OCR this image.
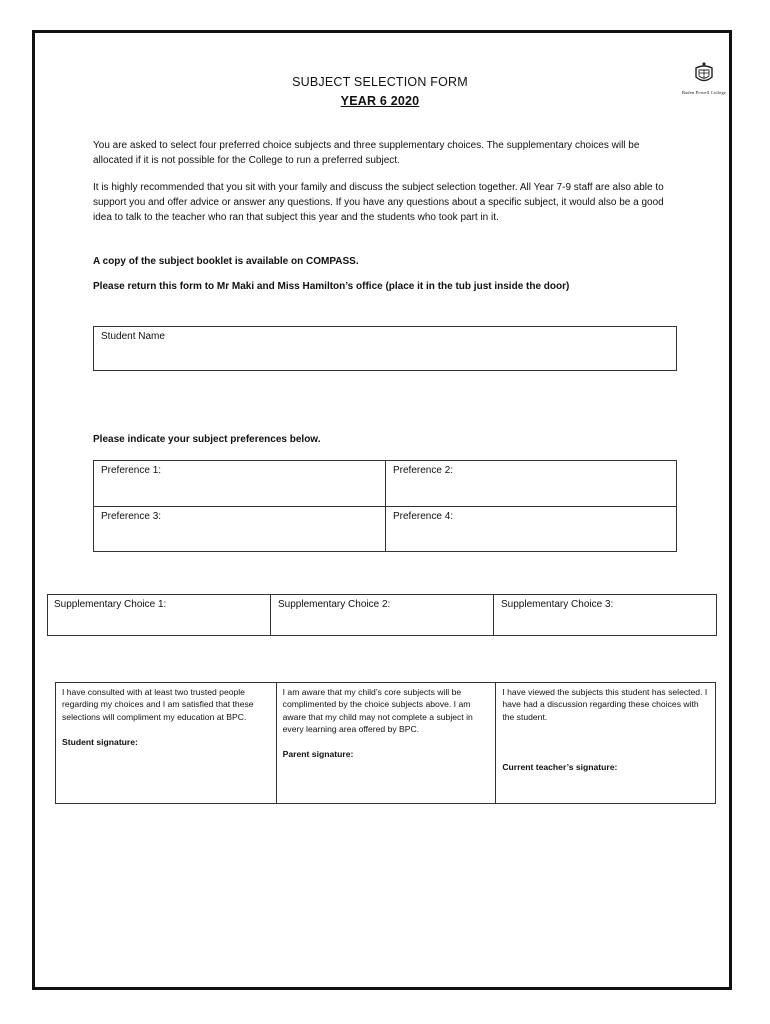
Baden Powell College
SUBJECT SELECTION FORM
YEAR 6 2020
You are asked to select four preferred choice subjects and three supplementary choices. The supplementary choices will be allocated if it is not possible for the College to run a preferred subject.
It is highly recommended that you sit with your family and discuss the subject selection together. All Year 7-9 staff are also able to support you and offer advice or answer any questions. If you have any questions about a specific subject, it would also be a good idea to talk to the teacher who ran that subject this year and the students who took part in it.
A copy of the subject booklet is available on COMPASS.
Please return this form to Mr Maki and Miss Hamilton’s office (place it in the tub just inside the door)
Student Name
Please indicate your subject preferences below.
Preference 1:	Preference 2:
Preference 3:	Preference 4:
Supplementary Choice 1:	Supplementary Choice 2:	Supplementary Choice 3:
I have consulted with at least two trusted people regarding my choices and I am satisfied that these selections will compliment my education at BPC.
Student signature:
	I am aware that my child’s core subjects will be complimented by the choice subjects above. I am aware that my child may not complete a subject in every learning area offered by BPC.
Parent signature:
	I have viewed the subjects this student has selected. I have had a discussion regarding these choices with the student.
Current teacher’s signature:
